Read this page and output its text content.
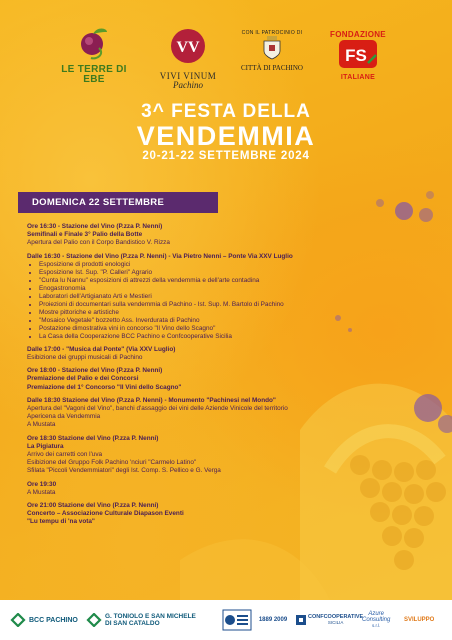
LE TERRE DI EBE
VV
VIVI VINUM
Pachino
CON IL PATROCINIO DI
CITTÀ DI PACHINO
FONDAZIONE
FS
ITALIANE
3^ FESTA DELLA
VENDEMMIA
20-21-22 SETTEMBRE 2024
DOMENICA 22 SETTEMBRE
Ore 16:30 - Stazione del Vino (P.zza P. Nenni)
Semifinali e Finale 3° Palio della Botte
Apertura del Palio con il Corpo Bandistico V. Rizza
Dalle 16:30 - Stazione del Vino (P.zza P. Nenni) - Via Pietro Nenni – Ponte Via XXV Luglio
• Esposizione di prodotti enologici
• Esposizione Ist. Sup. "P. Calleri" Agrario
• "Cunta lu Nannu" esposizioni di attrezzi della vendemmia e dell'arte contadina
• Enogastronomia
• Laboratori dell'Artigianato Arti e Mestieri
• Proiezioni di documentari sulla vendemmia di Pachino - Ist. Sup. M. Bartolo di Pachino
• Mostre pittoriche e artistiche
• "Mosaico Vegetale" bozzetto Ass. Inverdurata di Pachino
• Postazione dimostrativa vini in concorso "Il Vino dello Scagno"
• La Casa della Cooperazione BCC Pachino e Confcooperative Sicilia
Dalle 17:00 - "Musica dal Ponte" (Via XXV Luglio)
Esibizione dei gruppi musicali di Pachino
Ore 18:00 - Stazione del Vino (P.zza P. Nenni)
Premiazione del Palio e dei Concorsi
Premiazione del 1° Concorso "Il Vini dello Scagno"
Dalle 18:30 Stazione del Vino (P.zza P. Nenni) - Monumento "Pachinesi nel Mondo"
Apertura del "Vagoni del Vino", banchi d'assaggio dei vini delle Aziende Vinicole del territorio
Apericena da Vendemmia
A Mustata
Ore 18:30 Stazione del Vino (P.zza P. Nenni)
La Pigiatura
Arrivo dei carretti con l'uva
Esibizione del Gruppo Folk Pachino 'nciuri "Carmelo Latino"
Sfilata "Piccoli Vendemmiatori" degli Ist. Comp. S. Pellico e G. Verga
Ore 19:30
A Mustata
Ore 21:00 Stazione del Vino (P.zza P. Nenni)
Concerto – Associazione Culturale Diapason Eventi
"Lu tempu di 'na vota"
BCC PACHINO
G. TONIOLO E SAN MICHELE
DI SAN CATALDO	1889 2009	CONFCOOPERATIVE
SICILIA
Azure
Consulting
s.r.l.
SVILUPPO
